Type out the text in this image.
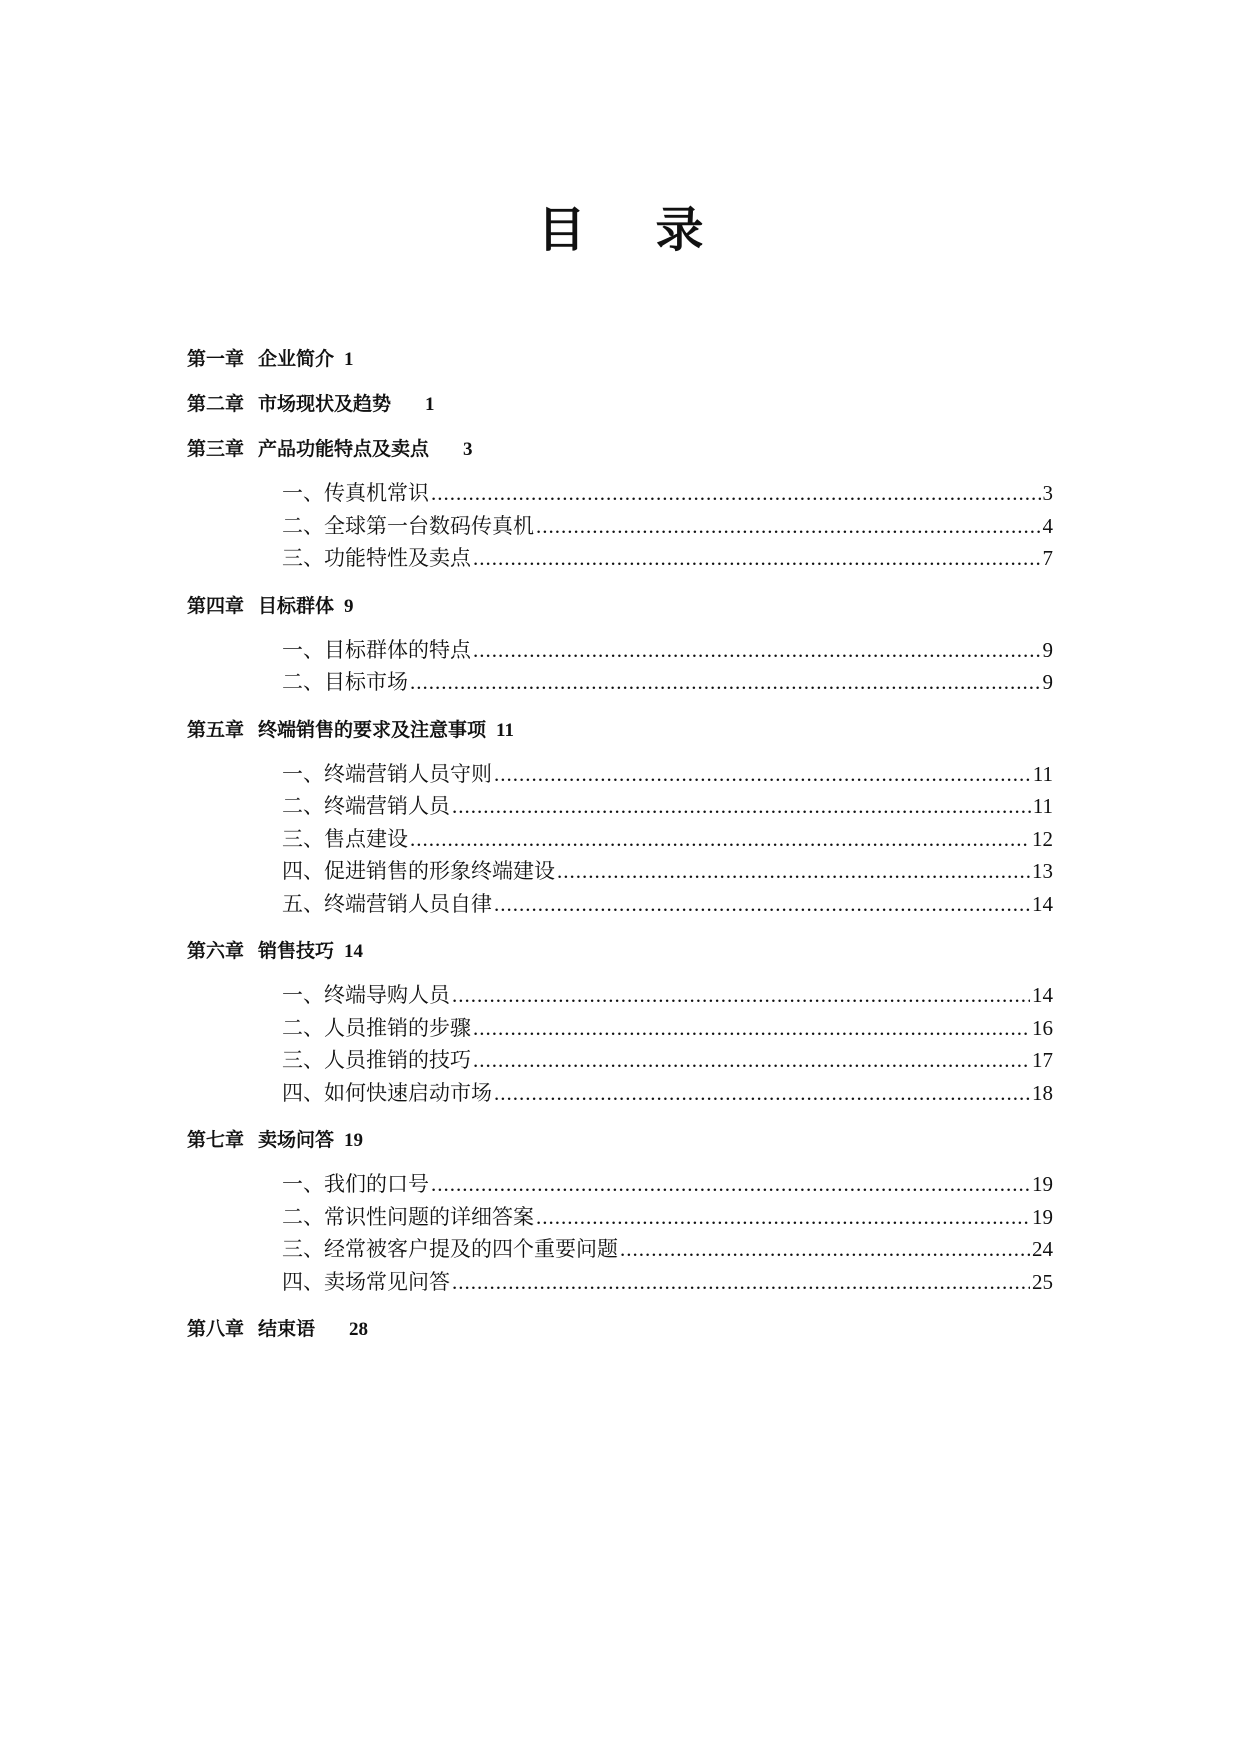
目 录
第一章 企业简介 1
第二章 市场现状及趋势 1
第三章 产品功能特点及卖点 3
一、传真机常识 .....	3
二、全球第一台数码传真机 .....	4
三、功能特性及卖点 .....	7
第四章 目标群体 9
一、目标群体的特点 .....	9
二、目标市场 .....	9
第五章 终端销售的要求及注意事项 11
一、终端营销人员守则 .....	11
二、终端营销人员 .....	11
三、售点建设 .....	12
四、促进销售的形象终端建设 .....	13
五、终端营销人员自律 .....	14
第六章 销售技巧 14
一、终端导购人员 .....	14
二、人员推销的步骤 .....	16
三、人员推销的技巧 .....	17
四、如何快速启动市场 .....	18
第七章 卖场问答 19
一、我们的口号 .....	19
二、常识性问题的详细答案 .....	19
三、经常被客户提及的四个重要问题 .....	24
四、卖场常见问答 .....	25
第八章 结束语 28
